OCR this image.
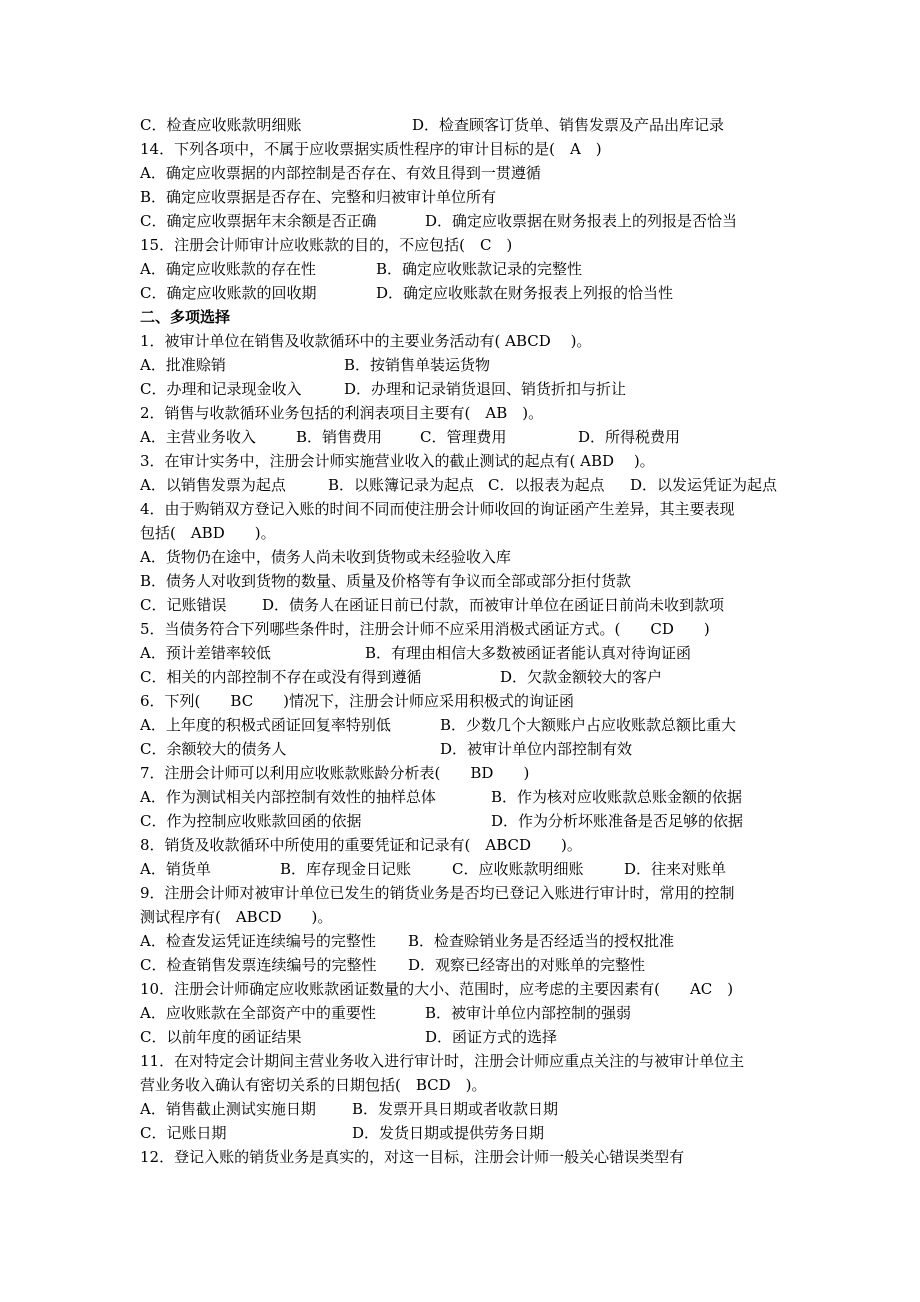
C．检查应收账款明细账	D．检查顾客订货单、销售发票及产品出库记录
14．下列各项中，不属于应收票据实质性程序的审计目标的是(　A　)
A．确定应收票据的内部控制是否存在、有效且得到一贯遵循
B．确定应收票据是否存在、完整和归被审计单位所有
C．确定应收票据年末余额是否正确	D．确定应收票据在财务报表上的列报是否恰当
15．注册会计师审计应收账款的目的，不应包括(　C　)
A．确定应收账款的存在性	B．确定应收账款记录的完整性
C．确定应收账款的回收期	D．确定应收账款在财务报表上列报的恰当性
二、多项选择
1．被审计单位在销售及收款循环中的主要业务活动有( ABCD　 )。
A．批准赊销	B．按销售单装运货物
C．办理和记录现金收入	D．办理和记录销货退回、销货折扣与折让
2．销售与收款循环业务包括的利润表项目主要有(　AB　)。
A．主营业务收入	B．销售费用	C．管理费用	D．所得税费用
3．在审计实务中，注册会计师实施营业收入的截止测试的起点有( ABD　 )。
A．以销售发票为起点	B．以账簿记录为起点 C．以报表为起点 D．以发运凭证为起点
4．由于购销双方登记入账的时间不同而使注册会计师收回的询证函产生差异，其主要表现
包括(　ABD　　)。
A．货物仍在途中，债务人尚未收到货物或未经验收入库
B．债务人对收到货物的数量、质量及价格等有争议而全部或部分拒付货款
C．记账错误 D．债务人在函证日前已付款，而被审计单位在函证日前尚未收到款项
5．当债务符合下列哪些条件时，注册会计师不应采用消极式函证方式。(　　CD　　)
A．预计差错率较低	B．有理由相信大多数被函证者能认真对待询证函
C．相关的内部控制不存在或没有得到遵循	D．欠款金额较大的客户
6．下列(　　BC　　)情况下，注册会计师应采用积极式的询证函
A．上年度的积极式函证回复率特别低	B．少数几个大额账户占应收账款总额比重大
C．余额较大的债务人	D．被审计单位内部控制有效
7．注册会计师可以利用应收账款账龄分析表(　　BD　　)
A．作为测试相关内部控制有效性的抽样总体	B．作为核对应收账款总账金额的依据
C．作为控制应收账款回函的依据	D．作为分析坏账准备是否足够的依据
8．销货及收款循环中所使用的重要凭证和记录有(　ABCD　　)。
A．销货单	B．库存现金日记账	C．应收账款明细账	D．往来对账单
9．注册会计师对被审计单位已发生的销货业务是否均已登记入账进行审计时，常用的控制
测试程序有(　ABCD　　)。
A．检查发运凭证连续编号的完整性 B．检查赊销业务是否经适当的授权批准
C．检查销售发票连续编号的完整性 D．观察已经寄出的对账单的完整性
10．注册会计师确定应收账款函证数量的大小、范围时，应考虑的主要因素有(　　AC　)
A．应收账款在全部资产中的重要性	B．被审计单位内部控制的强弱
C．以前年度的函证结果	D．函证方式的选择
11．在对特定会计期间主营业务收入进行审计时，注册会计师应重点关注的与被审计单位主
营业务收入确认有密切关系的日期包括(　BCD　)。
A．销售截止测试实施日期 B．发票开具日期或者收款日期
C．记账日期	D．发货日期或提供劳务日期
12．登记入账的销货业务是真实的，对这一目标，注册会计师一般关心错误类型有
